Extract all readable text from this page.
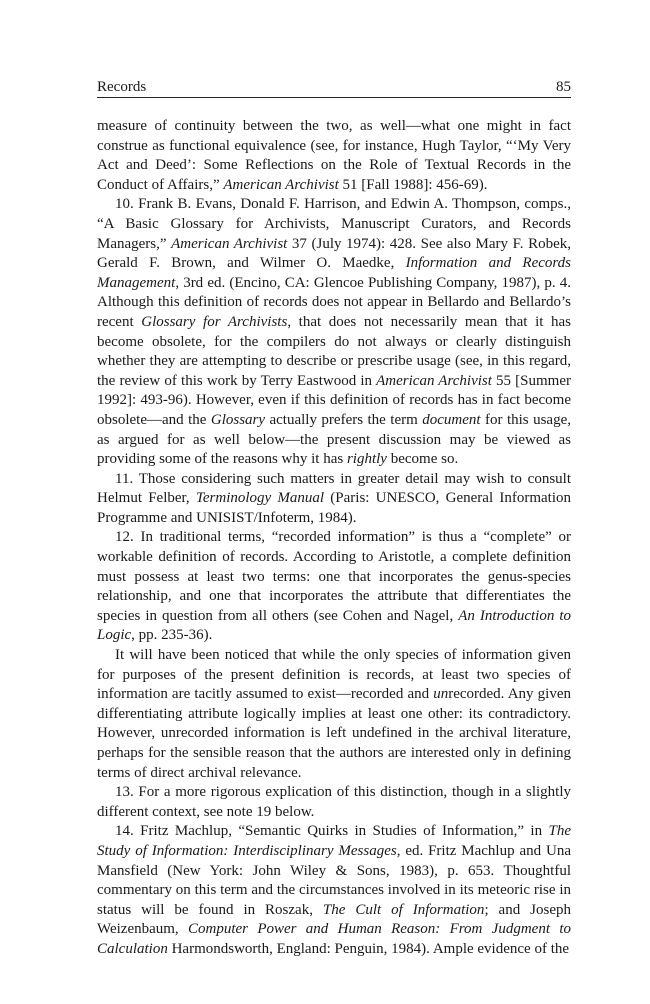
Records	85

measure of continuity between the two, as well—what one might in fact construe as functional equivalence (see, for instance, Hugh Taylor, “‘My Very Act and Deed’: Some Reflections on the Role of Textual Records in the Conduct of Affairs,” American Archivist 51 [Fall 1988]: 456-69).

10. Frank B. Evans, Donald F. Harrison, and Edwin A. Thompson, comps., “A Basic Glossary for Archivists, Manuscript Curators, and Records Managers,” American Archivist 37 (July 1974): 428. See also Mary F. Robek, Gerald F. Brown, and Wilmer O. Maedke, Information and Records Management, 3rd ed. (Encino, CA: Glencoe Publishing Company, 1987), p. 4. Although this definition of records does not appear in Bellardo and Bellardo’s recent Glossary for Archivists, that does not necessarily mean that it has become obsolete, for the compilers do not always or clearly distinguish whether they are attempting to describe or prescribe usage (see, in this regard, the review of this work by Terry Eastwood in American Archivist 55 [Summer 1992]: 493-96). However, even if this definition of records has in fact become obsolete—and the Glossary actually prefers the term document for this usage, as argued for as well below—the present discussion may be viewed as providing some of the reasons why it has rightly become so.

11. Those considering such matters in greater detail may wish to consult Helmut Felber, Terminology Manual (Paris: UNESCO, General Information Programme and UNISIST/Infoterm, 1984).

12. In traditional terms, “recorded information” is thus a “complete” or workable definition of records. According to Aristotle, a complete definition must possess at least two terms: one that incorporates the genus-species relationship, and one that incorporates the attribute that differentiates the species in question from all others (see Cohen and Nagel, An Introduction to Logic, pp. 235-36).

It will have been noticed that while the only species of information given for purposes of the present definition is records, at least two species of information are tacitly assumed to exist—recorded and unrecorded. Any given differentiating attribute logically implies at least one other: its contradictory. However, unrecorded information is left undefined in the archival literature, perhaps for the sensible reason that the authors are interested only in defining terms of direct archival relevance.

13. For a more rigorous explication of this distinction, though in a slightly different context, see note 19 below.

14. Fritz Machlup, “Semantic Quirks in Studies of Information,” in The Study of Information: Interdisciplinary Messages, ed. Fritz Machlup and Una Mansfield (New York: John Wiley & Sons, 1983), p. 653. Thoughtful commentary on this term and the circumstances involved in its meteoric rise in status will be found in Roszak, The Cult of Information; and Joseph Weizenbaum, Computer Power and Human Reason: From Judgment to Calculation Harmondsworth, England: Penguin, 1984). Ample evidence of the
